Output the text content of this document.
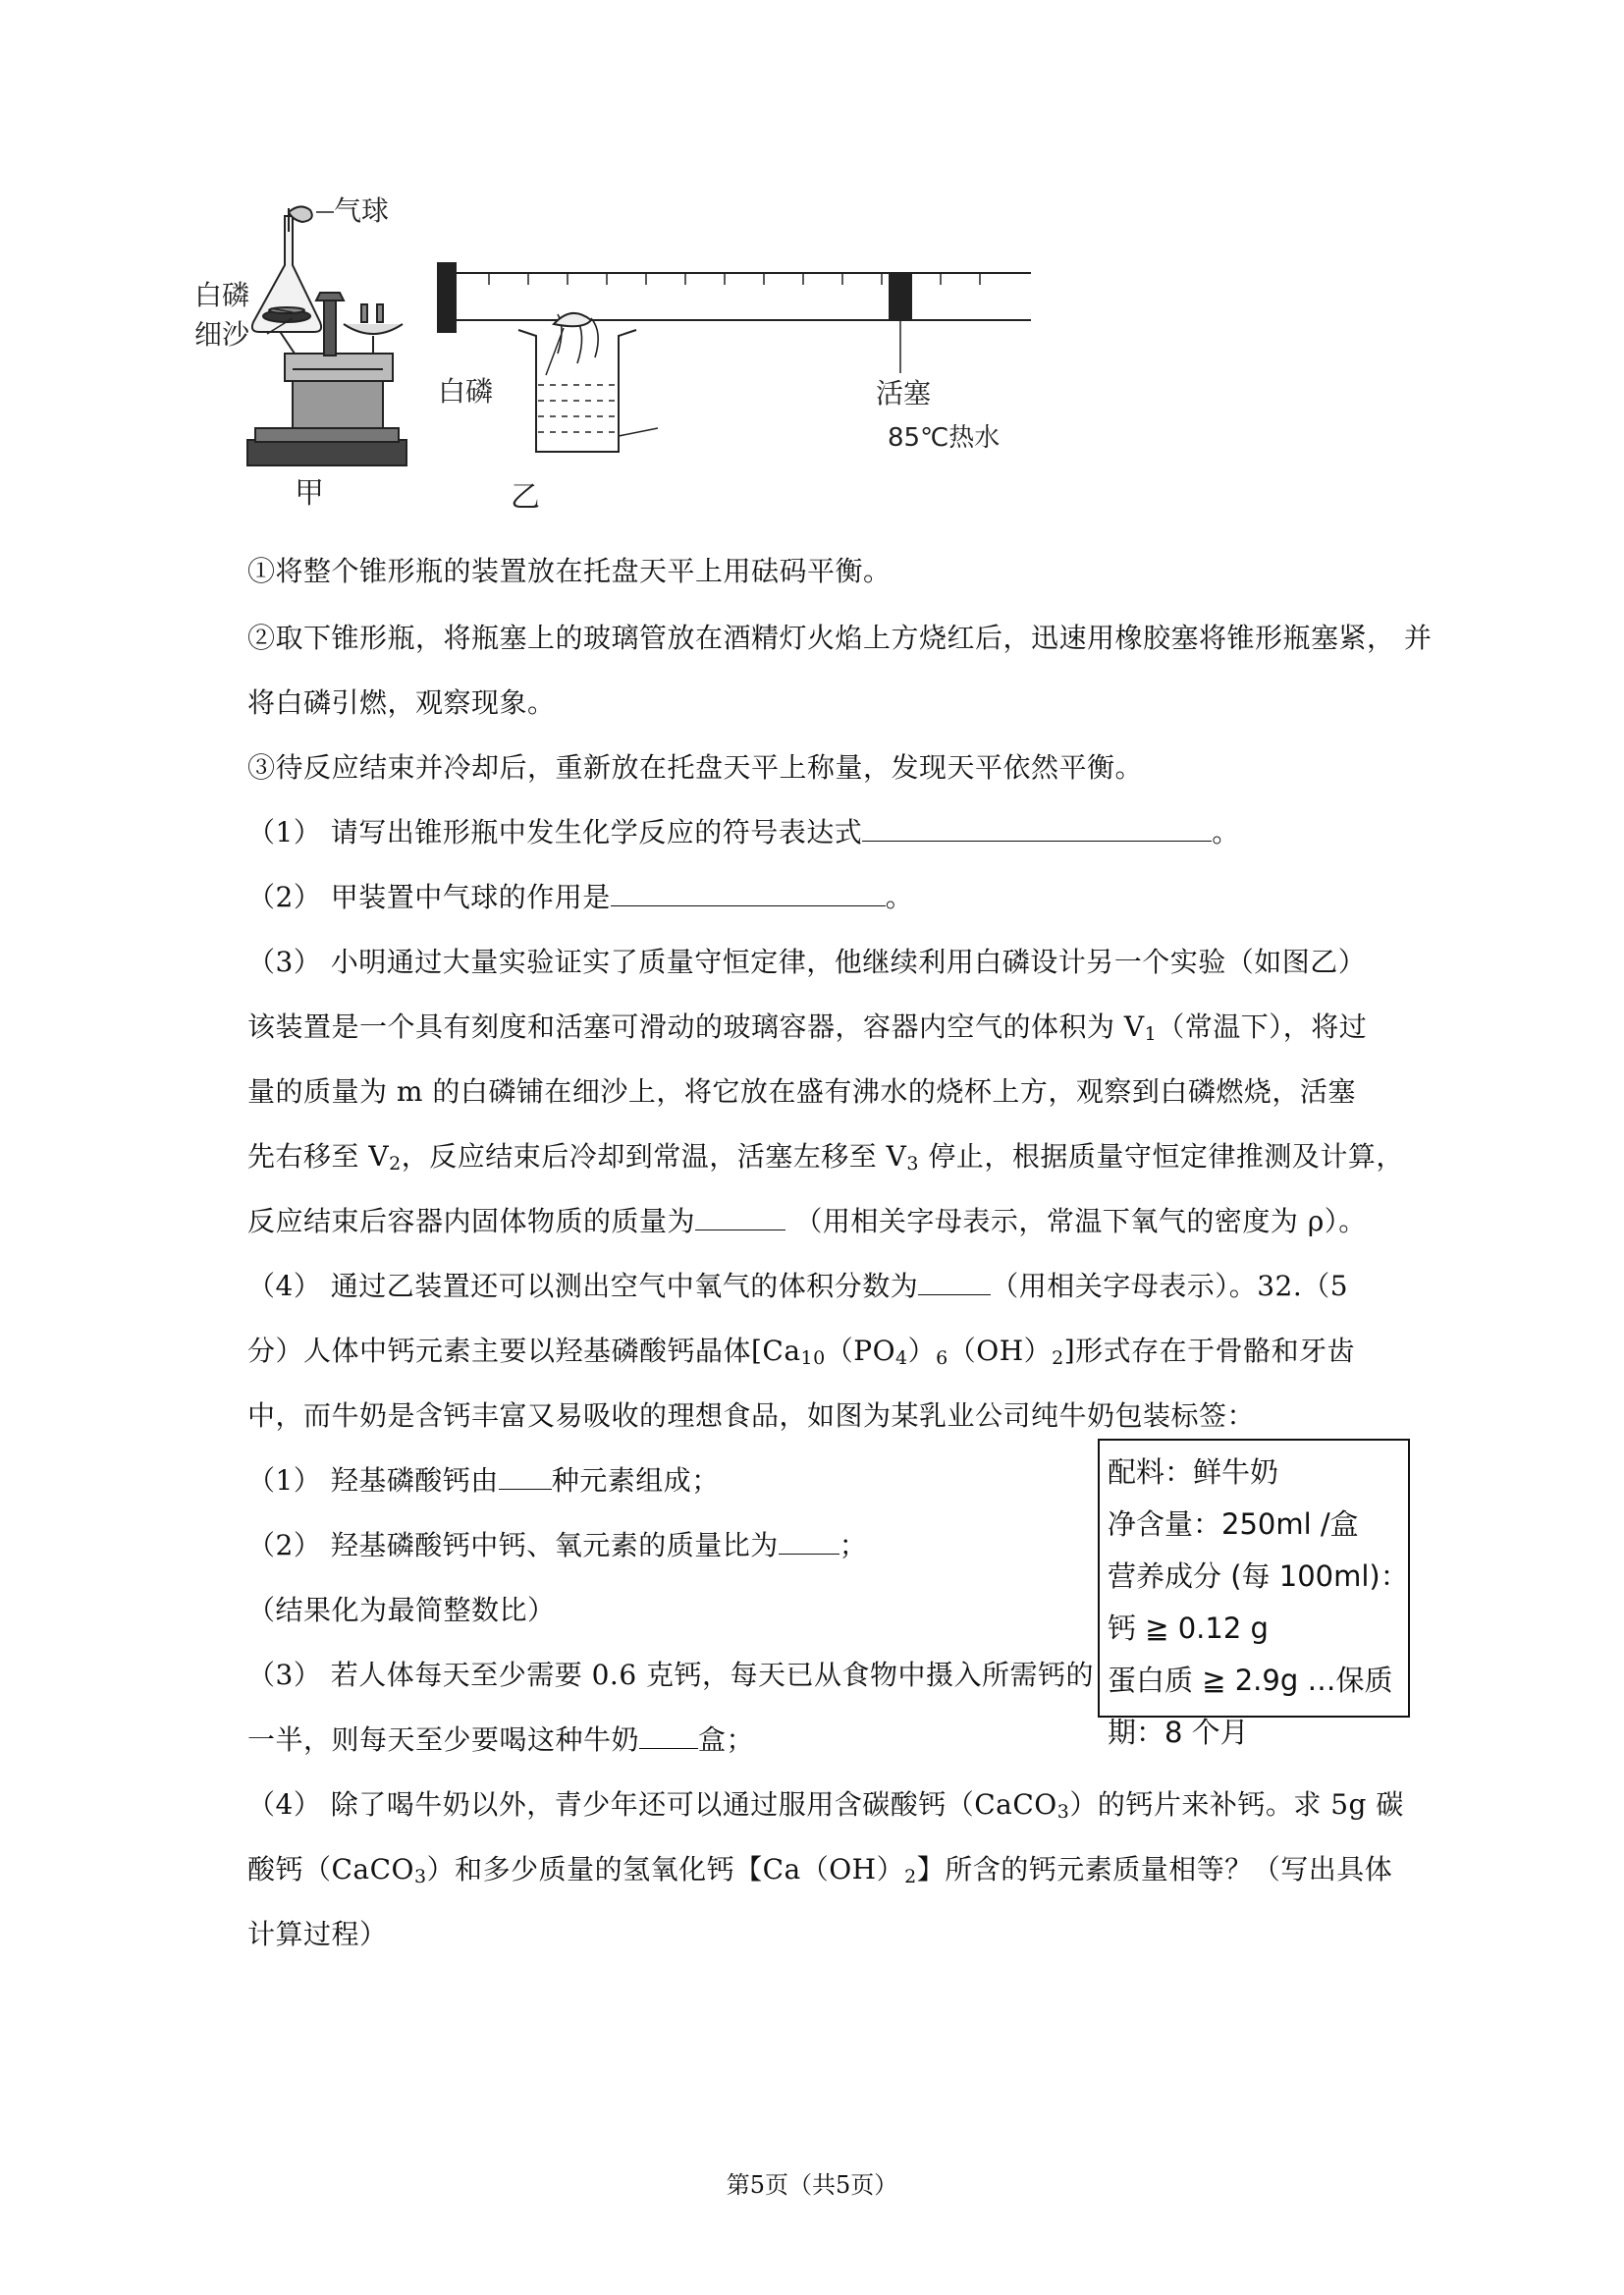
气球
白磷
细沙
甲
白磷	活塞
85℃热水
乙
①将整个锥形瓶的装置放在托盘天平上用砝码平衡。
②取下锥形瓶，将瓶塞上的玻璃管放在酒精灯火焰上方烧红后，迅速用橡胶塞将锥形瓶塞紧， 并
将白磷引燃，观察现象。
③待反应结束并冷却后，重新放在托盘天平上称量，发现天平依然平衡。
（1） 请写出锥形瓶中发生化学反应的符号表达式	。
（2） 甲装置中气球的作用是	。
（3） 小明通过大量实验证实了质量守恒定律，他继续利用白磷设计另一个实验（如图乙）
该装置是一个具有刻度和活塞可滑动的玻璃容器，容器内空气的体积为 $V_1$（常温下），将过
量的质量为 m 的白磷铺在细沙上，将它放在盛有沸水的烧杯上方，观察到白磷燃烧，活塞
先右移至 $V_2$，反应结束后冷却到常温，活塞左移至 $V_3$ 停止，根据质量守恒定律推测及计算，
反应结束后容器内固体物质的质量为	（用相关字母表示，常温下氧气的密度为 ρ）。
（4） 通过乙装置还可以测出空气中氧气的体积分数为	（用相关字母表示）。32.（5
分）人体中钙元素主要以羟基磷酸钙晶体$[Ca_{10}(PO_4)_6(OH)_2]$形式存在于骨骼和牙齿
中，而牛奶是含钙丰富又易吸收的理想食品，如图为某乳业公司纯牛奶包装标签：
（1） 羟基磷酸钙由 种元素组成；
（2） 羟基磷酸钙中钙、氧元素的质量比为 ；
（结果化为最简整数比）
（3） 若人体每天至少需要 0.6 克钙，每天已从食物中摄入所需钙的
一半，则每天至少要喝这种牛奶 盒；
（4） 除了喝牛奶以外，青少年还可以通过服用含碳酸钙（CaCO$_3$）的钙片来补钙。求 5g 碳
酸钙（CaCO$_3$）和多少质量的氢氧化钙【$Ca(OH)_2$】所含的钙元素质量相等？（写出具体
计算过程）
配料：鲜牛奶
净含量：250ml /盒
营养成分 (每 100ml)：
钙 ≧ 0.12 g
蛋白质 ≧ 2.9g …保质
期：8 个月
第5页（共5页）
